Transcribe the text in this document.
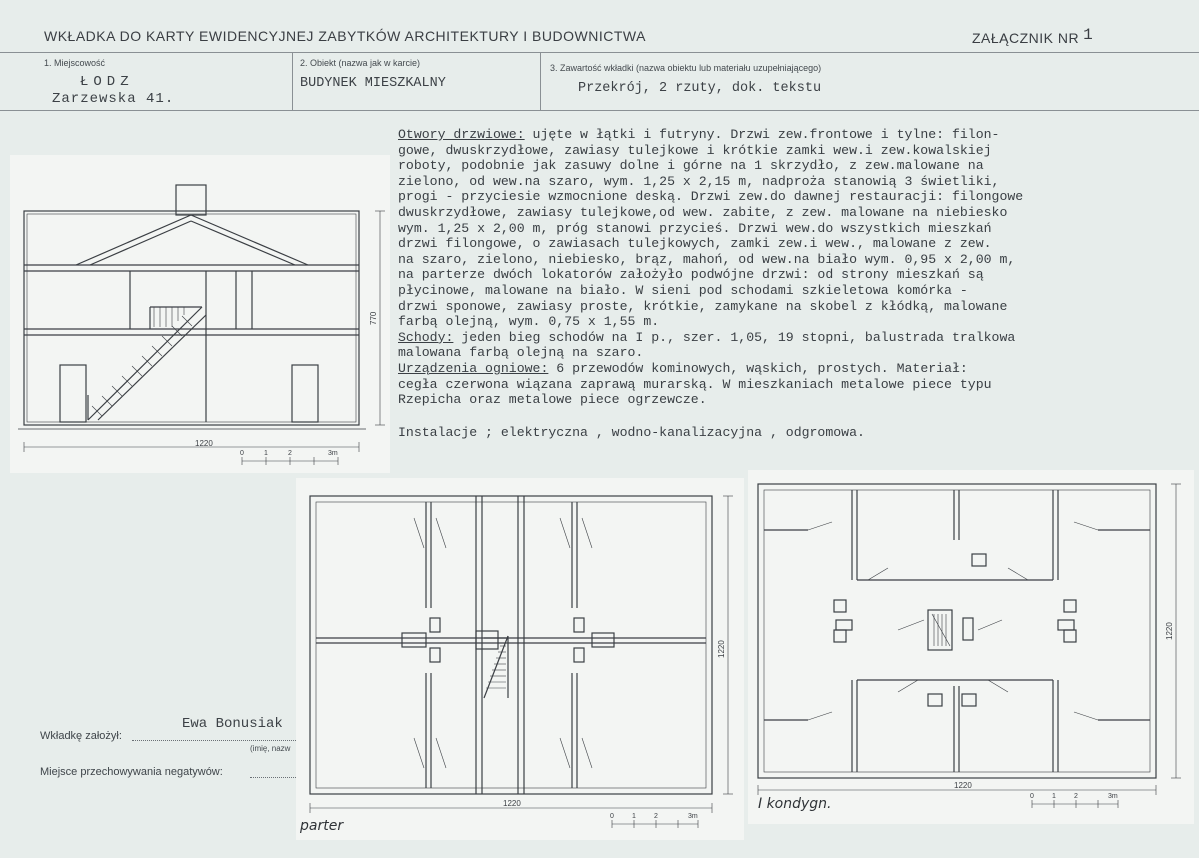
WKŁADKA DO KARTY EWIDENCYJNEJ ZABYTKÓW ARCHITEKTURY I BUDOWNICTWA	ZAŁĄCZNIK NR 1
1. Miejscowość
ŁODZ
Zarzewska 41.
2. Obiekt (nazwa jak w karcie)
BUDYNEK MIESZKALNY
3. Zawartość wkładki (nazwa obiektu lub materiału uzupełniającego)
Przekrój, 2 rzuty, dok. tekstu
Otwory drzwiowe: ujęte w łątki i futryny. Drzwi zew.frontowe i tylne: filon-
gowe, dwuskrzydłowe, zawiasy tulejkowe i krótkie zamki wew.i zew.kowalskiej
roboty, podobnie jak zasuwy dolne i górne na 1 skrzydło, z zew.malowane na
zielono, od wew.na szaro, wym. 1,25 x 2,15 m, nadproża stanowią 3 świetliki,
progi - przyciesie wzmocnione deską. Drzwi zew.do dawnej restauracji: filongowe
dwuskrzydłowe, zawiasy tulejkowe,od wew. zabite, z zew. malowane na niebiesko
wym. 1,25 x 2,00 m, próg stanowi przycieś. Drzwi wew.do wszystkich mieszkań
drzwi filongowe, o zawiasach tulejkowych, zamki zew.i wew., malowane z zew.
na szaro, zielono, niebiesko, brąz, mahoń, od wew.na biało wym. 0,95 x 2,00 m,
na parterze dwóch lokatorów założyło podwójne drzwi: od strony mieszkań są
płycinowe, malowane na biało. W sieni pod schodami szkieletowa komórka -
drzwi sponowe, zawiasy proste, krótkie, zamykane na skobel z kłódką, malowane
farbą olejną, wym. 0,75 x 1,55 m.
Schody: jeden bieg schodów na I p., szer. 1,05, 19 stopni, balustrada tralkowa
malowana farbą olejną na szaro.
Urządzenia ogniowe: 6 przewodów kominowych, wąskich, prostych. Materiał:
cegła czerwona wiązana zaprawą murarską. W mieszkaniach metalowe piece typu
Rzepicha oraz metalowe piece ogrzewcze.

Instalacje ; elektryczna , wodno-kanalizacyjna , odgromowa.
1220
770
0	1	2	3m
1220
1220
0	1	2	3m
parter
1220
1220
0	1	2	3m
I kondygn.
Wkładkę założył:
Ewa Bonusiak
(imię, nazw
Miejsce przechowywania negatywów:
